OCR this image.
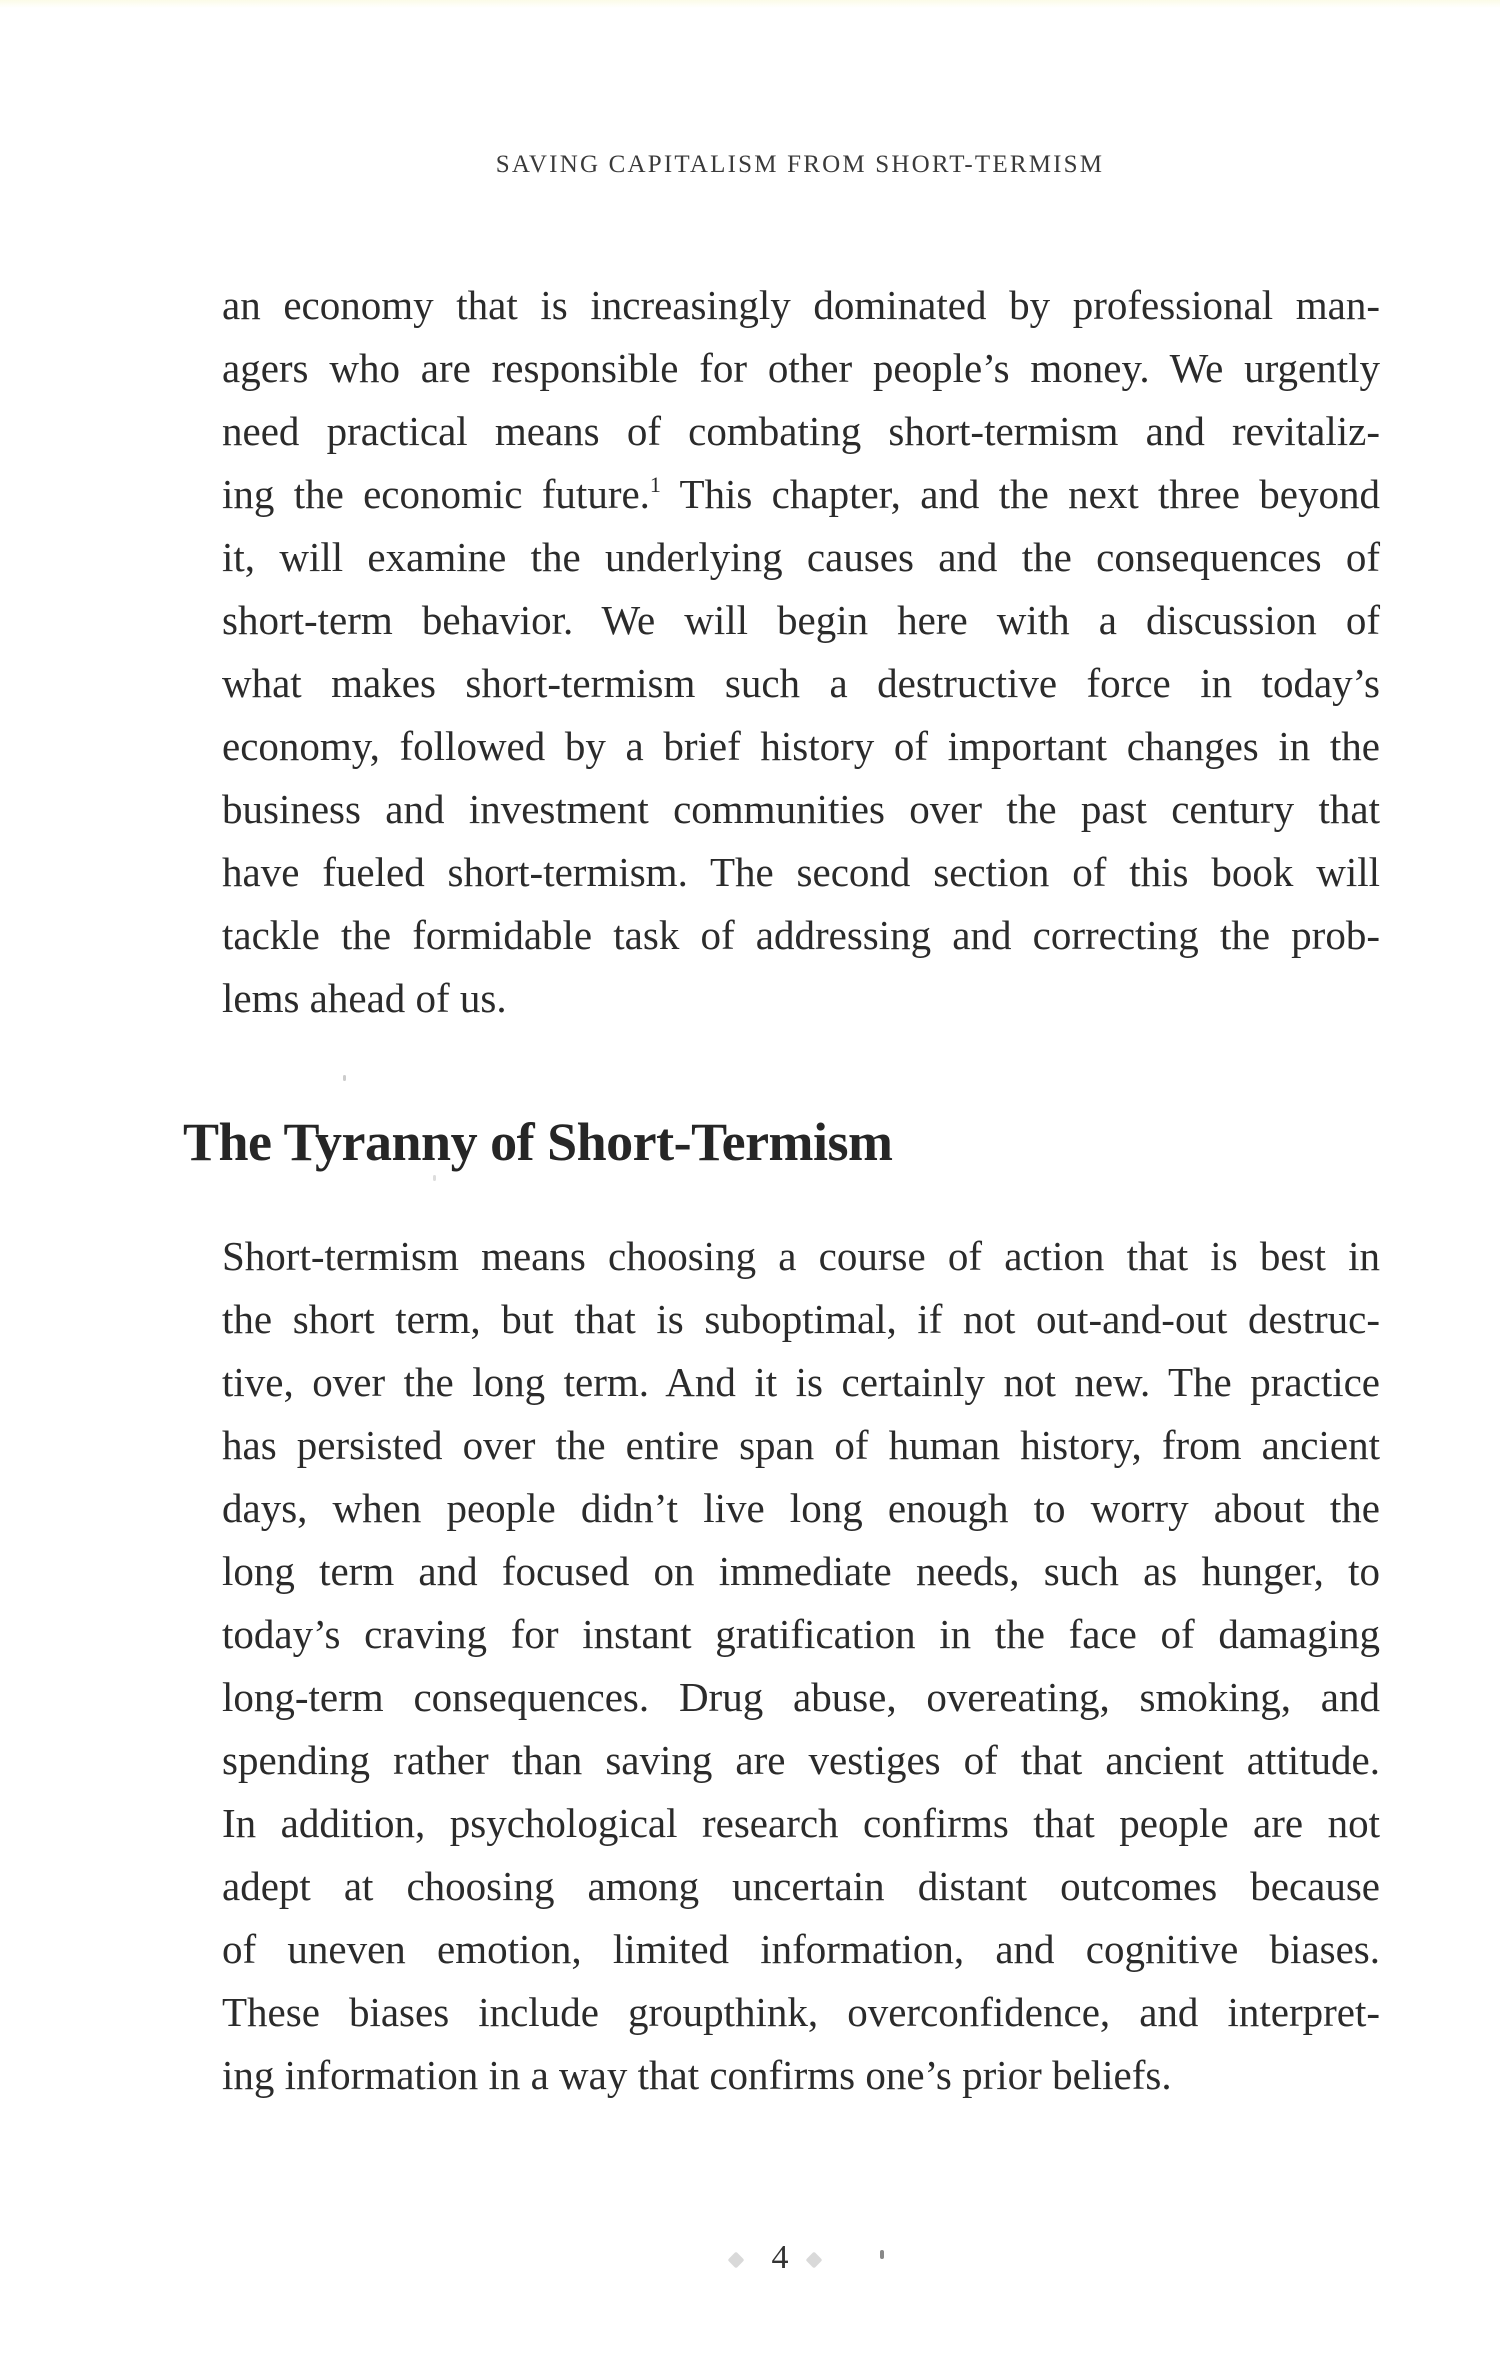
SAVING CAPITALISM FROM SHORT-TERMISM
an economy that is increasingly dominated by professional man-
agers who are responsible for other people’s money. We urgently
need practical means of combating short-termism and revitaliz-
ing the economic future.$^1$ This chapter, and the next three beyond
it, will examine the underlying causes and the consequences of
short-term behavior. We will begin here with a discussion of
what makes short-termism such a destructive force in today’s
economy, followed by a brief history of important changes in the
business and investment communities over the past century that
have fueled short-termism. The second section of this book will
tackle the formidable task of addressing and correcting the prob-
lems ahead of us.
The Tyranny of Short-Termism
Short-termism means choosing a course of action that is best in
the short term, but that is suboptimal, if not out-and-out destruc-
tive, over the long term. And it is certainly not new. The practice
has persisted over the entire span of human history, from ancient
days, when people didn’t live long enough to worry about the
long term and focused on immediate needs, such as hunger, to
today’s craving for instant gratification in the face of damaging
long-term consequences. Drug abuse, overeating, smoking, and
spending rather than saving are vestiges of that ancient attitude.
In addition, psychological research confirms that people are not
adept at choosing among uncertain distant outcomes because
of uneven emotion, limited information, and cognitive biases.
These biases include groupthink, overconfidence, and interpret-
ing information in a way that confirms one’s prior beliefs.
4
